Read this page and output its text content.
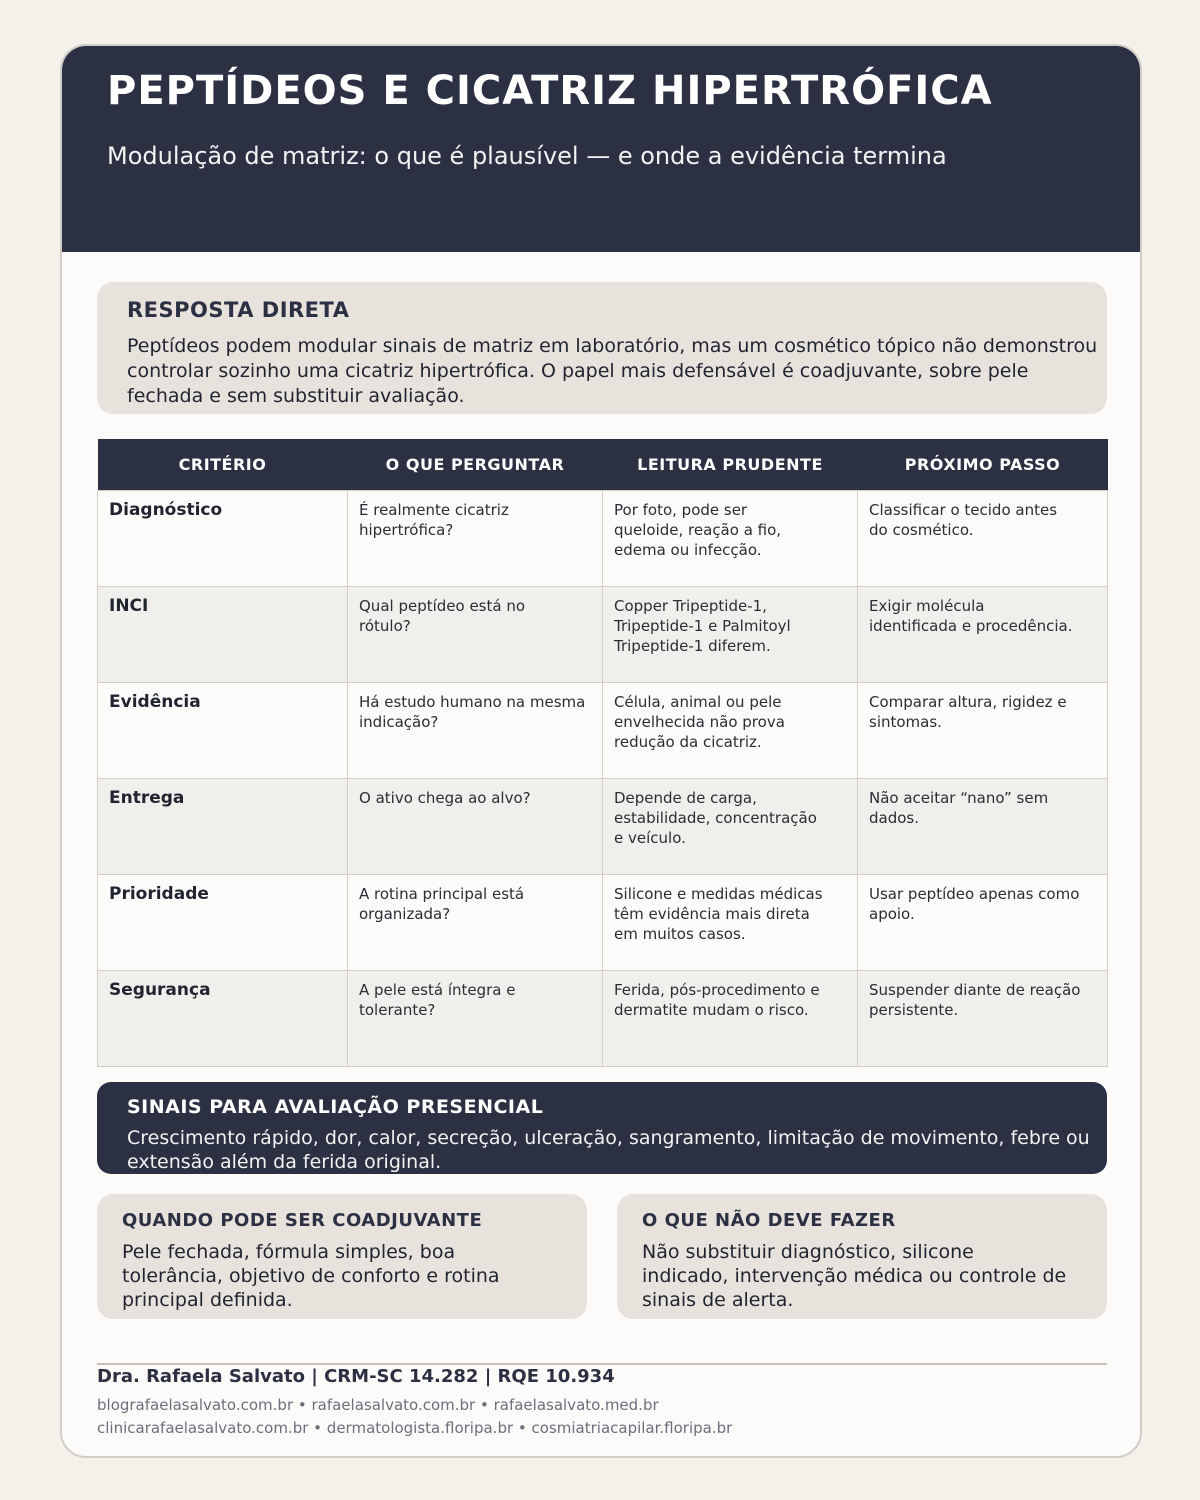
PEPTÍDEOS E CICATRIZ HIPERTRÓFICA
Modulação de matriz: o que é plausível — e onde a evidência termina
RESPOSTA DIRETA

Peptídeos podem modular sinais de matriz em laboratório, mas um cosmético tópico não demonstrou
controlar sozinho uma cicatriz hipertrófica. O papel mais defensável é coadjuvante, sobre pele
fechada e sem substituir avaliação.

CRITÉRIO	O QUE PERGUNTAR	LEITURA PRUDENTE	PRÓXIMO PASSO
Diagnóstico	É realmente cicatriz
hipertrófica?	Por foto, pode ser
queloide, reação a fio,
edema ou infecção.	Classificar o tecido antes
do cosmético.

INCI	Qual peptídeo está no
rótulo?	Copper Tripeptide-1,
Tripeptide-1 e Palmitoyl
Tripeptide-1 diferem.	Exigir molécula
identificada e procedência.

Evidência	Há estudo humano na mesma
indicação?	Célula, animal ou pele
envelhecida não prova
redução da cicatriz.	Comparar altura, rigidez e
sintomas.

Entrega	O ativo chega ao alvo?	Depende de carga,
estabilidade, concentração
e veículo.	Não aceitar “nano” sem
dados.

Prioridade	A rotina principal está
organizada?	Silicone e medidas médicas
têm evidência mais direta
em muitos casos.	Usar peptídeo apenas como
apoio.

Segurança	A pele está íntegra e
tolerante?	Ferida, pós-procedimento e
dermatite mudam o risco.	Suspender diante de reação
persistente.
SINAIS PARA AVALIAÇÃO PRESENCIAL

Crescimento rápido, dor, calor, secreção, ulceração, sangramento, limitação de movimento, febre ou
extensão além da ferida original.

QUANDO PODE SER COADJUVANTE

Pele fechada, fórmula simples, boa
tolerância, objetivo de conforto e rotina
principal definida.

O QUE NÃO DEVE FAZER

Não substituir diagnóstico, silicone
indicado, intervenção médica ou controle de
sinais de alerta.

Dra. Rafaela Salvato | CRM-SC 14.282 | RQE 10.934
blografaelasalvato.com.br • rafaelasalvato.com.br • rafaelasalvato.med.br
clinicarafaelasalvato.com.br • dermatologista.floripa.br • cosmiatriacapilar.floripa.br
